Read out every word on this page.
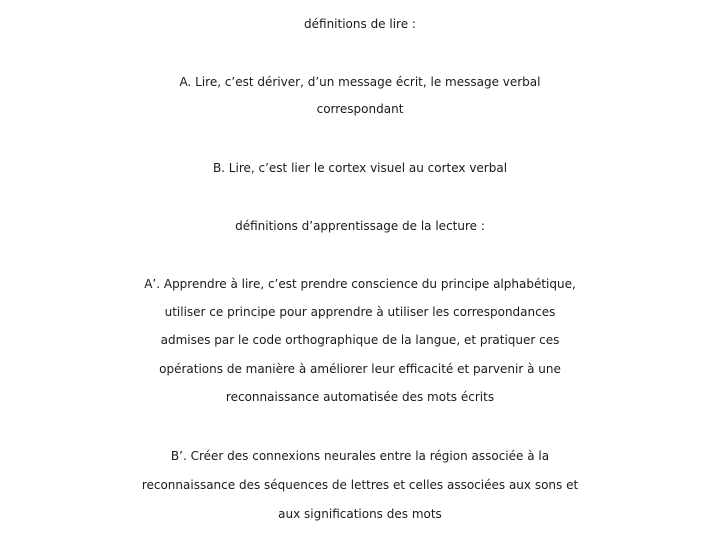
définitions de lire :
A. Lire, c’est dériver, d’un message écrit, le message verbal
correspondant
B. Lire, c’est lier le cortex visuel au cortex verbal
définitions d’apprentissage de la lecture :
A’. Apprendre à lire, c’est prendre conscience du principe alphabétique,
utiliser ce principe pour apprendre à utiliser les correspondances
admises par le code orthographique de la langue, et pratiquer ces
opérations de manière à améliorer leur efficacité et parvenir à une
reconnaissance automatisée des mots écrits
B’. Créer des connexions neurales entre la région associée à la
reconnaissance des séquences de lettres et celles associées aux sons et
aux significations des mots
